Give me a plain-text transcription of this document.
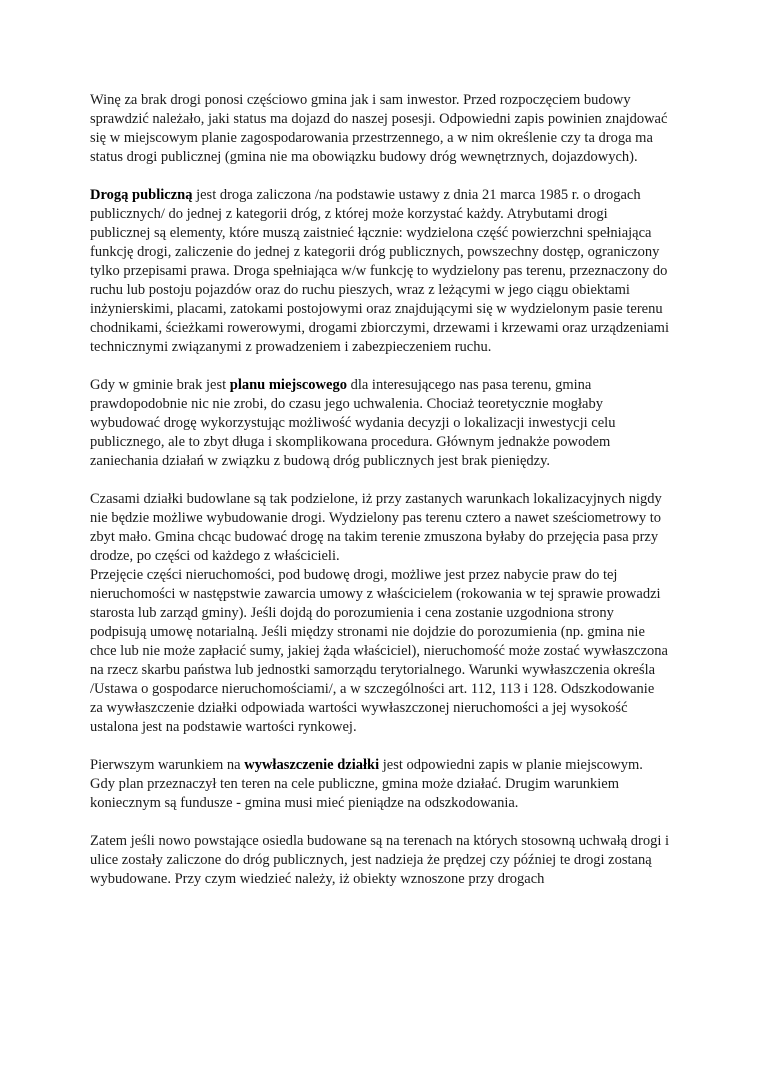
Winę za brak drogi ponosi częściowo gmina jak i sam inwestor. Przed rozpoczęciem budowy sprawdzić należało, jaki status ma dojazd do naszej posesji. Odpowiedni zapis powinien znajdować się w miejscowym planie zagospodarowania przestrzennego, a w nim określenie czy ta droga ma status drogi publicznej (gmina nie ma obowiązku budowy dróg wewnętrznych, dojazdowych).

Drogą publiczną jest droga zaliczona /na podstawie ustawy z dnia 21 marca 1985 r. o drogach publicznych/ do jednej z kategorii dróg, z której może korzystać każdy. Atrybutami drogi publicznej są elementy, które muszą zaistnieć łącznie: wydzielona część powierzchni spełniająca funkcję drogi, zaliczenie do jednej z kategorii dróg publicznych, powszechny dostęp, ograniczony tylko przepisami prawa. Droga spełniająca w/w funkcję to wydzielony pas terenu, przeznaczony do ruchu lub postoju pojazdów oraz do ruchu pieszych, wraz z leżącymi w jego ciągu obiektami inżynierskimi, placami, zatokami postojowymi oraz znajdującymi się w wydzielonym pasie terenu chodnikami, ścieżkami rowerowymi, drogami zbiorczymi, drzewami i krzewami oraz urządzeniami technicznymi związanymi z prowadzeniem i zabezpieczeniem ruchu.

Gdy w gminie brak jest planu miejscowego dla interesującego nas pasa terenu, gmina prawdopodobnie nic nie zrobi, do czasu jego uchwalenia. Chociaż teoretycznie mogłaby wybudować drogę wykorzystując możliwość wydania decyzji o lokalizacji inwestycji celu publicznego, ale to zbyt długa i skomplikowana procedura. Głównym jednakże powodem zaniechania działań w związku z budową dróg publicznych jest brak pieniędzy.

Czasami działki budowlane są tak podzielone, iż przy zastanych warunkach lokalizacyjnych nigdy nie będzie możliwe wybudowanie drogi. Wydzielony pas terenu cztero a nawet sześciometrowy to zbyt mało. Gmina chcąc budować drogę na takim terenie zmuszona byłaby do przejęcia pasa przy drodze, po części od każdego z właścicieli.

Przejęcie części nieruchomości, pod budowę drogi, możliwe jest przez nabycie praw do tej nieruchomości w następstwie zawarcia umowy z właścicielem (rokowania w tej sprawie prowadzi starosta lub zarząd gminy). Jeśli dojdą do porozumienia i cena zostanie uzgodniona strony podpisują umowę notarialną. Jeśli między stronami nie dojdzie do porozumienia (np. gmina nie chce lub nie może zapłacić sumy, jakiej żąda właściciel), nieruchomość może zostać wywłaszczona na rzecz skarbu państwa lub jednostki samorządu terytorialnego. Warunki wywłaszczenia określa /Ustawa o gospodarce nieruchomościami/, a w szczególności art. 112, 113 i 128. Odszkodowanie za wywłaszczenie działki odpowiada wartości wywłaszczonej nieruchomości a jej wysokość ustalona jest na podstawie wartości rynkowej.

Pierwszym warunkiem na wywłaszczenie działki jest odpowiedni zapis w planie miejscowym. Gdy plan przeznaczył ten teren na cele publiczne, gmina może działać. Drugim warunkiem koniecznym są fundusze - gmina musi mieć pieniądze na odszkodowania.

Zatem jeśli nowo powstające osiedla budowane są na terenach na których stosowną uchwałą drogi i ulice zostały zaliczone do dróg publicznych, jest nadzieja że prędzej czy później te drogi zostaną wybudowane. Przy czym wiedzieć należy, iż obiekty wznoszone przy drogach
